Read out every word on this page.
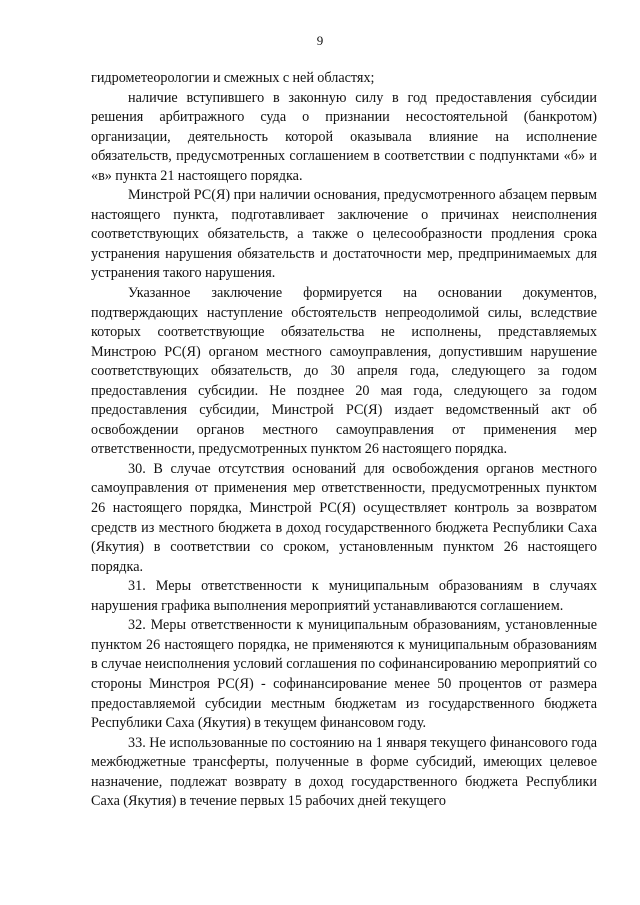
9

гидрометеорологии и смежных с ней областях;

наличие вступившего в законную силу в год предоставления субсидии решения арбитражного суда о признании несостоятельной (банкротом) организации, деятельность которой оказывала влияние на исполнение обязательств, предусмотренных соглашением в соответствии с подпунктами «б» и «в» пункта 21 настоящего порядка.

Минстрой РС(Я) при наличии основания, предусмотренного абзацем первым настоящего пункта, подготавливает заключение о причинах неисполнения соответствующих обязательств, а также о целесообразности продления срока устранения нарушения обязательств и достаточности мер, предпринимаемых для устранения такого нарушения.

Указанное заключение формируется на основании документов, подтверждающих наступление обстоятельств непреодолимой силы, вследствие которых соответствующие обязательства не исполнены, представляемых Минстрою РС(Я) органом местного самоуправления, допустившим нарушение соответствующих обязательств, до 30 апреля года, следующего за годом предоставления субсидии. Не позднее 20 мая года, следующего за годом предоставления субсидии, Минстрой РС(Я) издает ведомственный акт об освобождении органов местного самоуправления от применения мер ответственности, предусмотренных пунктом 26 настоящего порядка.

30. В случае отсутствия оснований для освобождения органов местного самоуправления от применения мер ответственности, предусмотренных пунктом 26 настоящего порядка, Минстрой РС(Я) осуществляет контроль за возвратом средств из местного бюджета в доход государственного бюджета Республики Саха (Якутия) в соответствии со сроком, установленным пунктом 26 настоящего порядка.

31. Меры ответственности к муниципальным образованиям в случаях нарушения графика выполнения мероприятий устанавливаются соглашением.

32. Меры ответственности к муниципальным образованиям, установленные пунктом 26 настоящего порядка, не применяются к муниципальным образованиям в случае неисполнения условий соглашения по софинансированию мероприятий со стороны Минстроя РС(Я) - софинансирование менее 50 процентов от размера предоставляемой субсидии местным бюджетам из государственного бюджета Республики Саха (Якутия) в текущем финансовом году.

33. Не использованные по состоянию на 1 января текущего финансового года межбюджетные трансферты, полученные в форме субсидий, имеющих целевое назначение, подлежат возврату в доход государственного бюджета Республики Саха (Якутия) в течение первых 15 рабочих дней текущего
